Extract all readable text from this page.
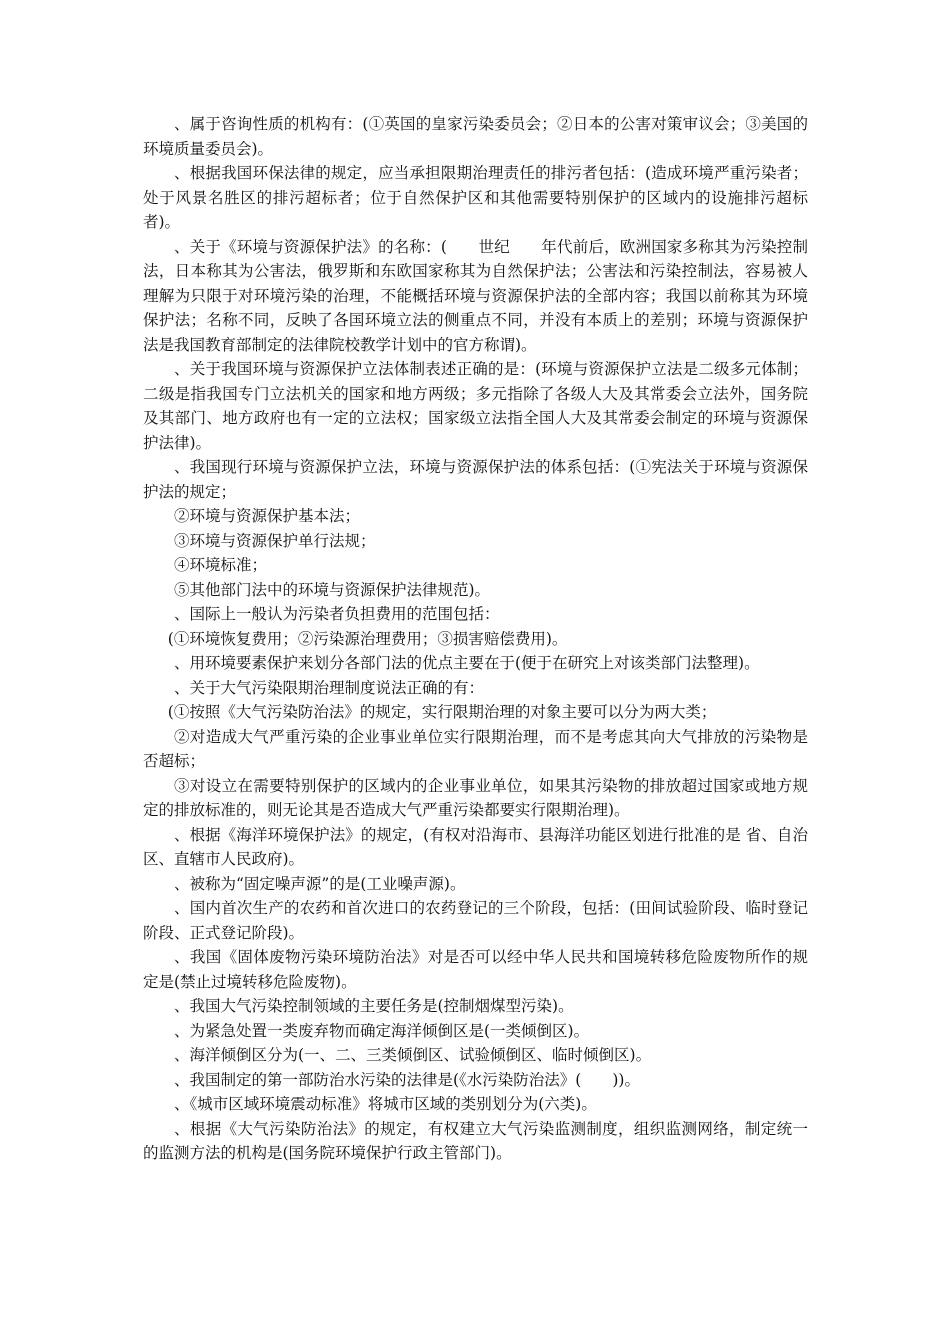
、属于咨询性质的机构有：(①英国的皇家污染委员会；②日本的公害对策审议会；③美国的环境质量委员会)。

、根据我国环保法律的规定，应当承担限期治理责任的排污者包括：(造成环境严重污染者；处于风景名胜区的排污超标者；位于自然保护区和其他需要特别保护的区域内的设施排污超标者)。

、关于《环境与资源保护法》的名称：(　　世纪　　年代前后，欧洲国家多称其为污染控制法，日本称其为公害法，俄罗斯和东欧国家称其为自然保护法；公害法和污染控制法，容易被人理解为只限于对环境污染的治理，不能概括环境与资源保护法的全部内容；我国以前称其为环境保护法；名称不同，反映了各国环境立法的侧重点不同，并没有本质上的差别；环境与资源保护法是我国教育部制定的法律院校教学计划中的官方称谓)。

、关于我国环境与资源保护立法体制表述正确的是：(环境与资源保护立法是二级多元体制；二级是指我国专门立法机关的国家和地方两级；多元指除了各级人大及其常委会立法外，国务院及其部门、地方政府也有一定的立法权；国家级立法指全国人大及其常委会制定的环境与资源保护法律)。

、我国现行环境与资源保护立法，环境与资源保护法的体系包括：(①宪法关于环境与资源保护法的规定；

②环境与资源保护基本法；

③环境与资源保护单行法规；

④环境标准；

⑤其他部门法中的环境与资源保护法律规范)。

、国际上一般认为污染者负担费用的范围包括：

(①环境恢复费用；②污染源治理费用；③损害赔偿费用)。

、用环境要素保护来划分各部门法的优点主要在于(便于在研究上对该类部门法整理)。

、关于大气污染限期治理制度说法正确的有：

(①按照《大气污染防治法》的规定，实行限期治理的对象主要可以分为两大类；

②对造成大气严重污染的企业事业单位实行限期治理，而不是考虑其向大气排放的污染物是否超标；

③对设立在需要特别保护的区域内的企业事业单位，如果其污染物的排放超过国家或地方规定的排放标准的，则无论其是否造成大气严重污染都要实行限期治理)。

、根据《海洋环境保护法》的规定，(有权对沿海市、县海洋功能区划进行批准的是 省、自治区、直辖市人民政府)。

、被称为“固定噪声源”的是(工业噪声源)。

、国内首次生产的农药和首次进口的农药登记的三个阶段，包括：(田间试验阶段、临时登记阶段、正式登记阶段)。

、我国《固体废物污染环境防治法》对是否可以经中华人民共和国境转移危险废物所作的规定是(禁止过境转移危险废物)。

、我国大气污染控制领域的主要任务是(控制烟煤型污染)。

、为紧急处置一类废弃物而确定海洋倾倒区是(一类倾倒区)。

、海洋倾倒区分为(一、二、三类倾倒区、试验倾倒区、临时倾倒区)。

、我国制定的第一部防治水污染的法律是(《水污染防治法》(　　))。

、《城市区域环境震动标准》将城市区域的类别划分为(六类)。

、根据《大气污染防治法》的规定，有权建立大气污染监测制度，组织监测网络，制定统一的监测方法的机构是(国务院环境保护行政主管部门)。
